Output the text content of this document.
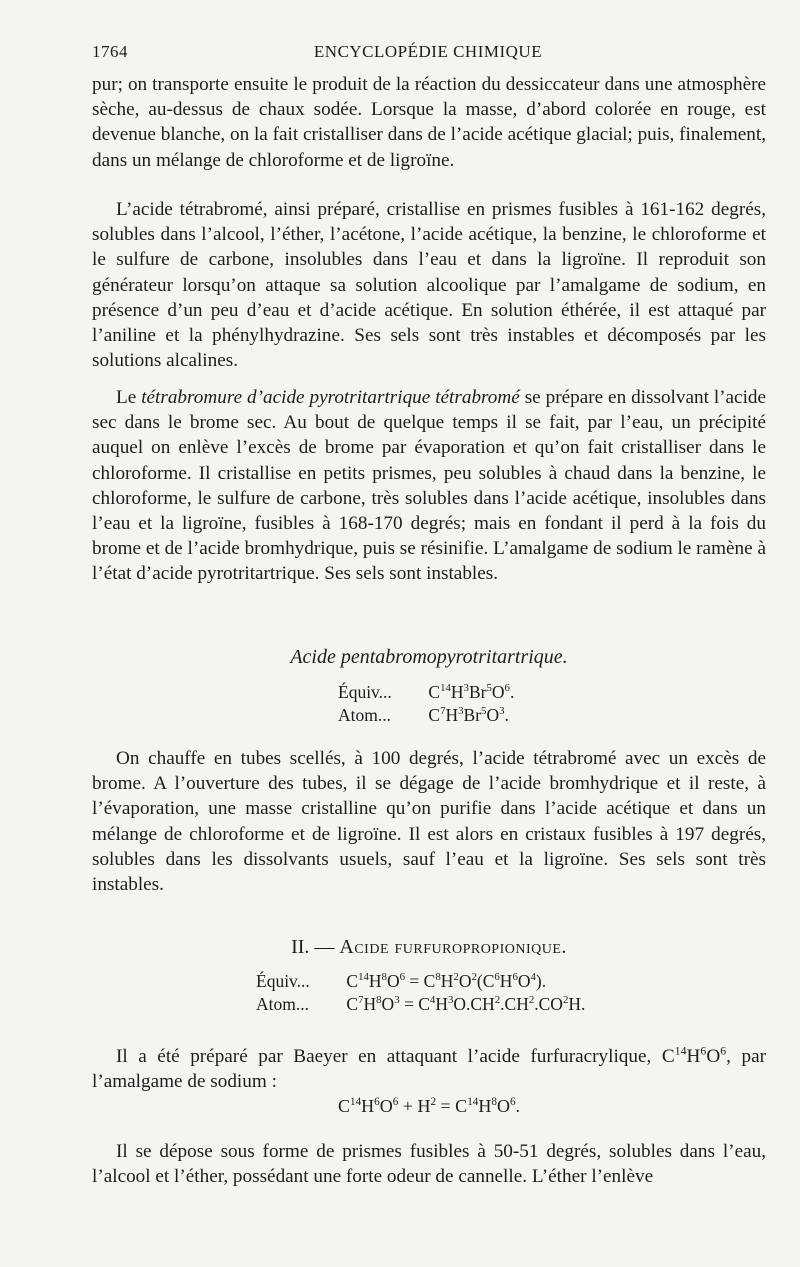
1764	ENCYCLOPÉDIE CHIMIQUE

pur; on transporte ensuite le produit de la réaction du dessiccateur dans une atmosphère sèche, au-dessus de chaux sodée. Lorsque la masse, d’abord colorée en rouge, est devenue blanche, on la fait cristalliser dans de l’acide acétique glacial; puis, finalement, dans un mélange de chloroforme et de ligroïne.

L’acide tétrabromé, ainsi préparé, cristallise en prismes fusibles à 161-162 degrés, solubles dans l’alcool, l’éther, l’acétone, l’acide acétique, la benzine, le chloroforme et le sulfure de carbone, insolubles dans l’eau et dans la ligroïne. Il reproduit son générateur lorsqu’on attaque sa solution alcoolique par l’amalgame de sodium, en présence d’un peu d’eau et d’acide acétique. En solution éthérée, il est attaqué par l’aniline et la phénylhydrazine. Ses sels sont très instables et décomposés par les solutions alcalines.

Le tétrabromure d’acide pyrotritartrique tétrabromé se prépare en dissolvant l’acide sec dans le brome sec. Au bout de quelque temps il se fait, par l’eau, un précipité auquel on enlève l’excès de brome par évaporation et qu’on fait cristalliser dans le chloroforme. Il cristallise en petits prismes, peu solubles à chaud dans la benzine, le chloroforme, le sulfure de carbone, très solubles dans l’acide acétique, insolubles dans l’eau et la ligroïne, fusibles à 168-170 degrés; mais en fondant il perd à la fois du brome et de l’acide bromhydrique, puis se résinifie. L’amalgame de sodium le ramène à l’état d’acide pyrotritartrique. Ses sels sont instables.

Acide pentabromopyrotritartrique.
Équiv... $C^{14}H^3Br^5O^6$.
Atom... $C^7H^3Br^5O^3$.

On chauffe en tubes scellés, à 100 degrés, l’acide tétrabromé avec un excès de brome. A l’ouverture des tubes, il se dégage de l’acide bromhydrique et il reste, à l’évaporation, une masse cristalline qu’on purifie dans l’acide acétique et dans un mélange de chloroforme et de ligroïne. Il est alors en cristaux fusibles à 197 degrés, solubles dans les dissolvants usuels, sauf l’eau et la ligroïne. Ses sels sont très instables.

II. — Acide furfuropropionique.
Équiv... $C^{14}H^8O^6 = C^8H^2O^2(C^6H^6O^4)$.
Atom... $C^7H^8O^3 = C^4H^3O.CH^2.CH^2.CO^2H$.

Il a été préparé par Baeyer en attaquant l’acide furfuracrylique, $C^{14}H^6O^6$, par l’amalgame de sodium :

$C^{14}H^6O^6 + H^2 = C^{14}H^8O^6$.

Il se dépose sous forme de prismes fusibles à 50-51 degrés, solubles dans l’eau, l’alcool et l’éther, possédant une forte odeur de cannelle. L’éther l’enlève
